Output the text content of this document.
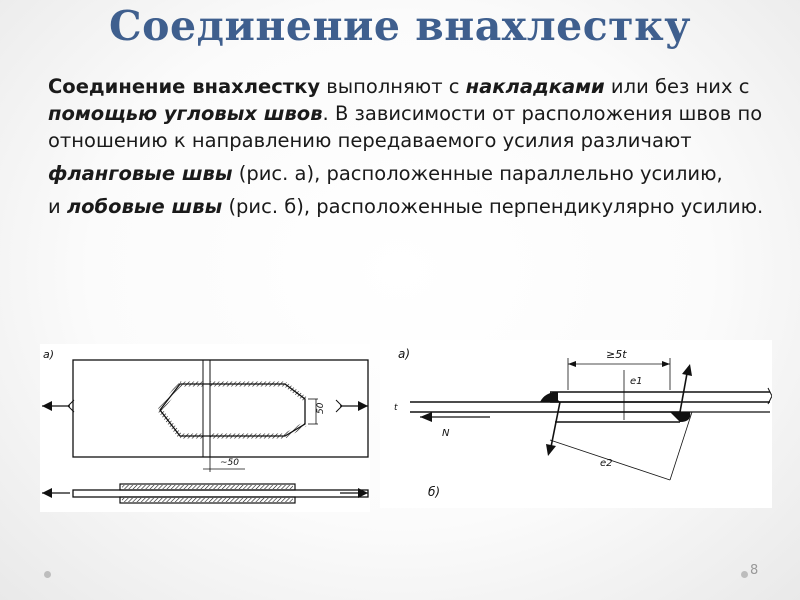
Соединение внахлестку

Соединение внахлестку выполняют с накладками или без них с помощью угловых швов. В зависимости от расположения швов по отношению к направлению передаваемого усилия различают

фланговые швы (рис. а), расположенные параллельно усилию,

и лобовые швы (рис. б), расположенные перпендикулярно усилию.

а)
50
~50
а)
б)
N
t
≥5t
e1
e2
8
